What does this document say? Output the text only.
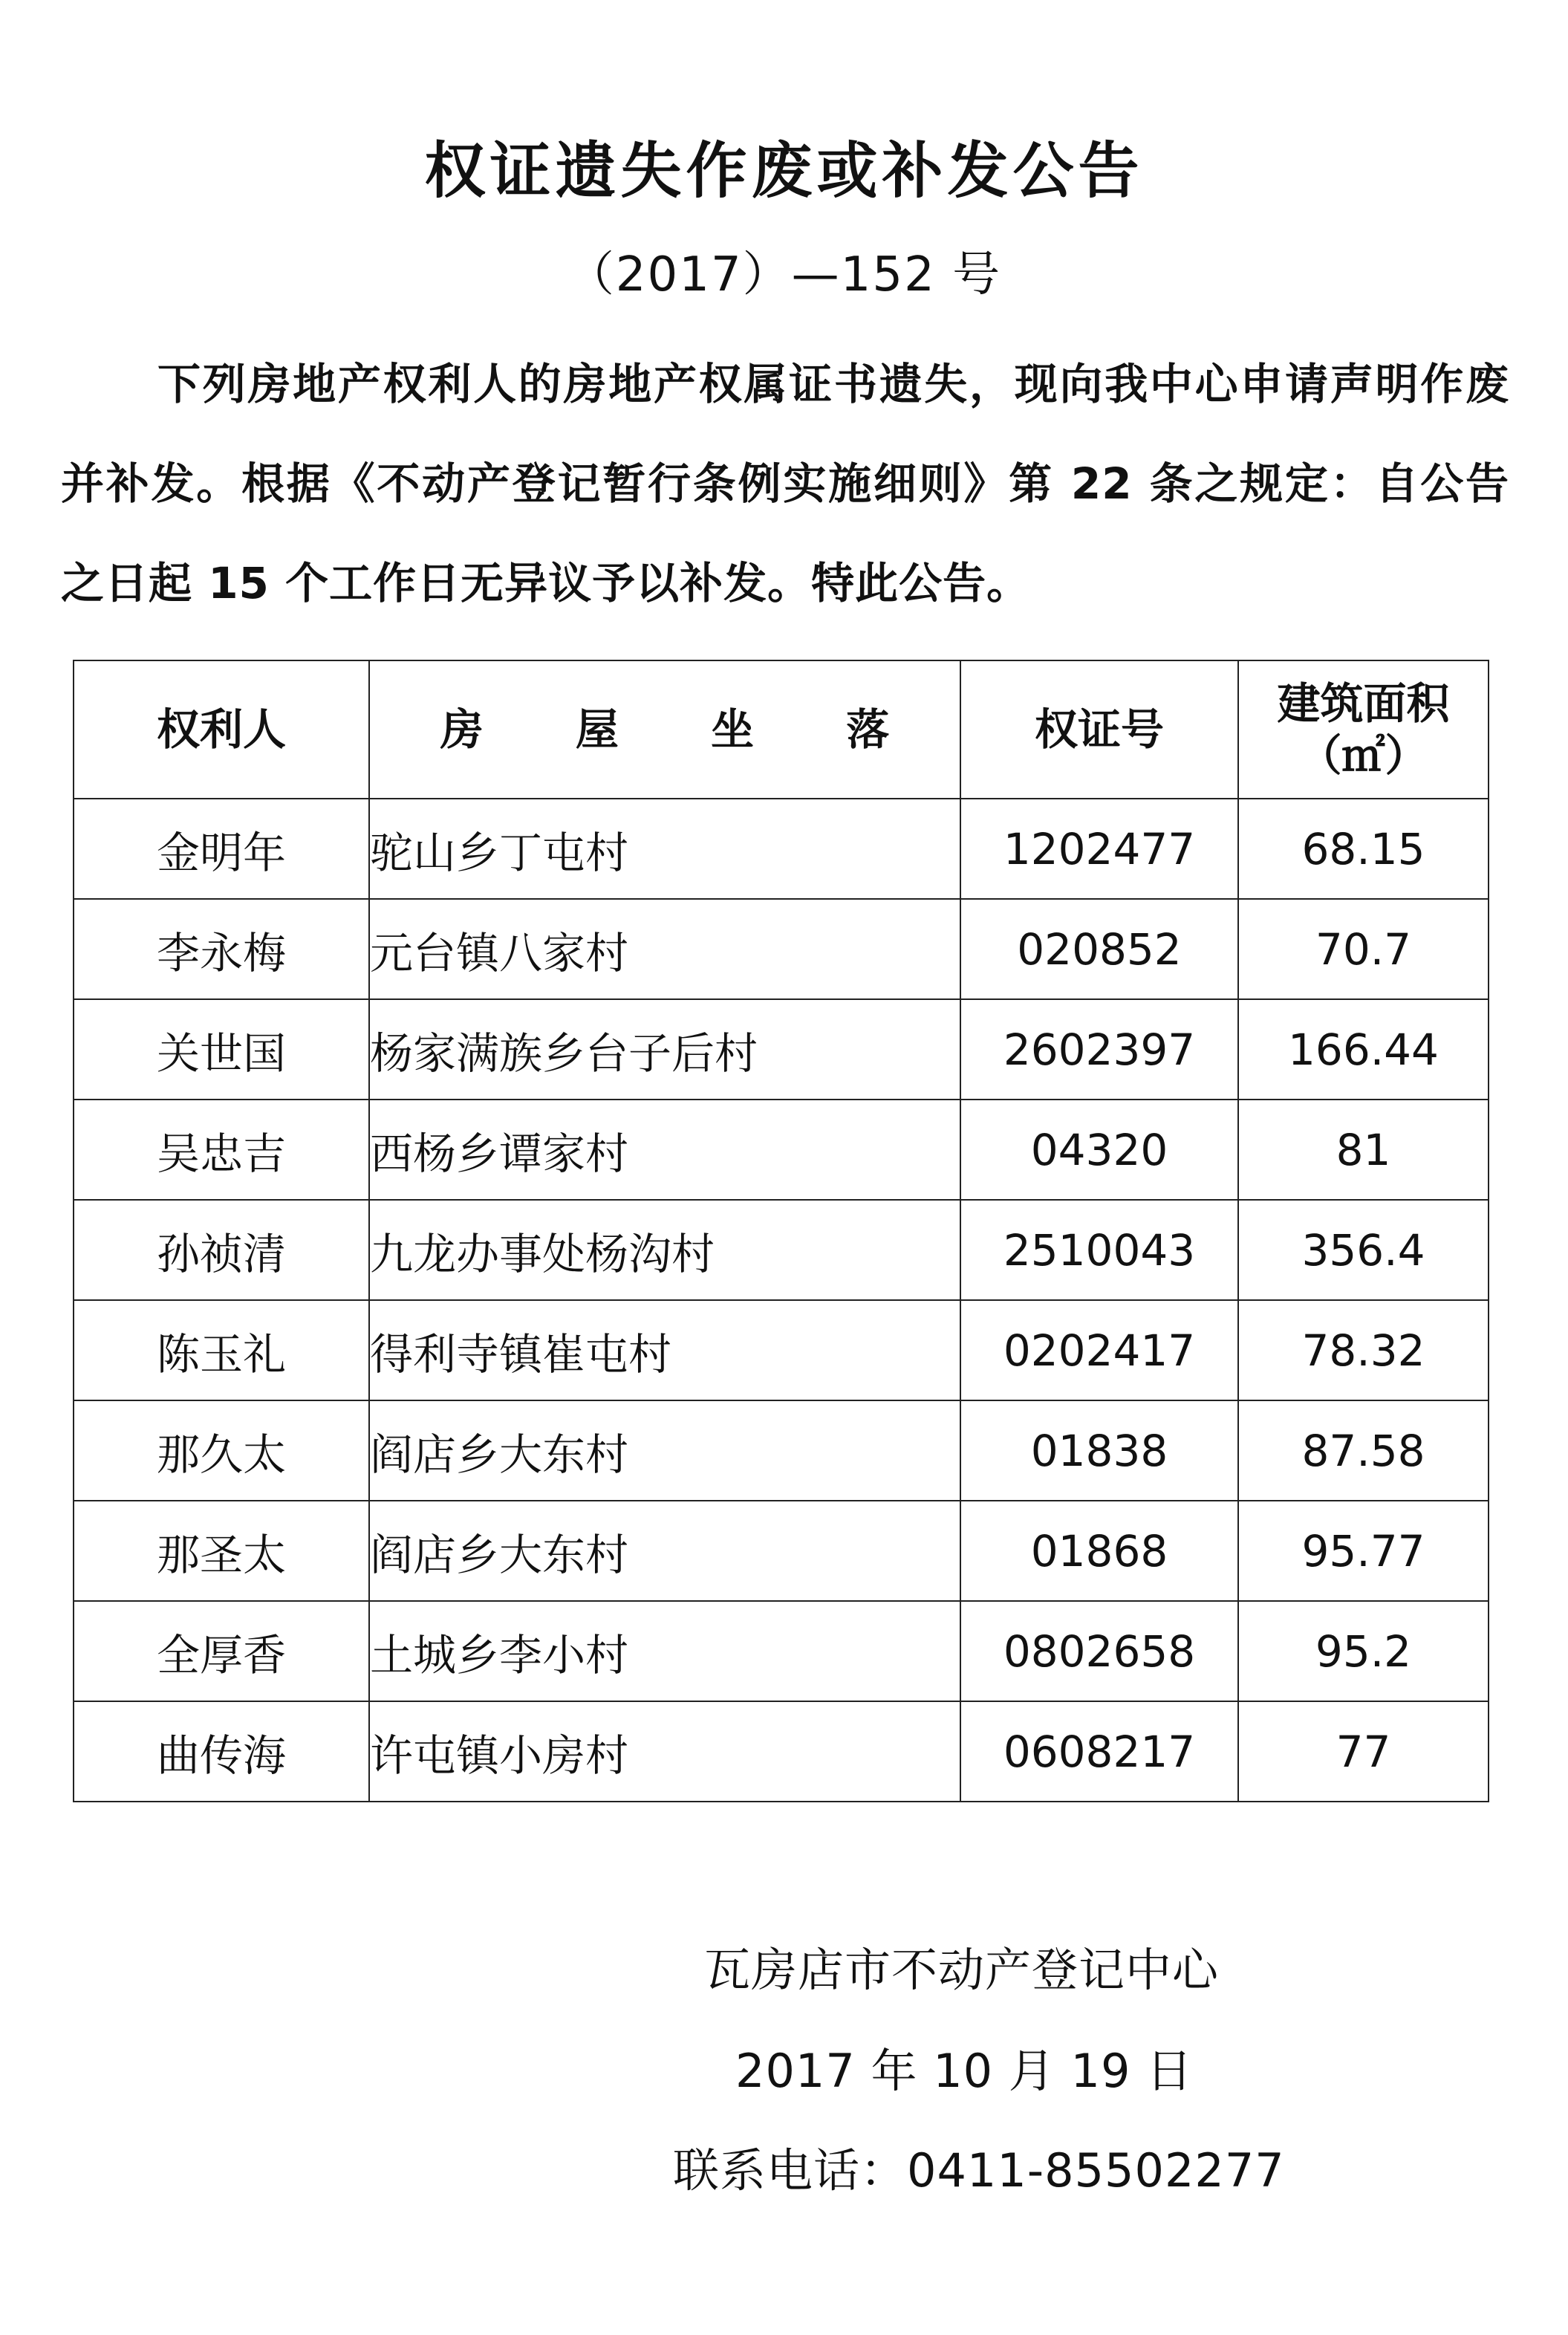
权证遗失作废或补发公告
（2017）—152 号
下列房地产权利人的房地产权属证书遗失，现向我中心申请声明作废并补发。根据《不动产登记暂行条例实施细则》第 22 条之规定：自公告之日起 15 个工作日无异议予以补发。特此公告。
权利人	房 屋 坐 落	权证号	建筑面积
（㎡）

金明年	驼山乡丁屯村	1202477	68.15
李永梅	元台镇八家村	020852	70.7
关世国	杨家满族乡台子后村	2602397	166.44
吴忠吉	西杨乡谭家村	04320	81
孙祯清	九龙办事处杨沟村	2510043	356.4
陈玉礼	得利寺镇崔屯村	0202417	78.32
那久太	阎店乡大东村	01838	87.58
那圣太	阎店乡大东村	01868	95.77
全厚香	土城乡李小村	0802658	95.2
曲传海	许屯镇小房村	0608217	77
瓦房店市不动产登记中心
2017 年 10 月 19 日
联系电话：0411-85502277
